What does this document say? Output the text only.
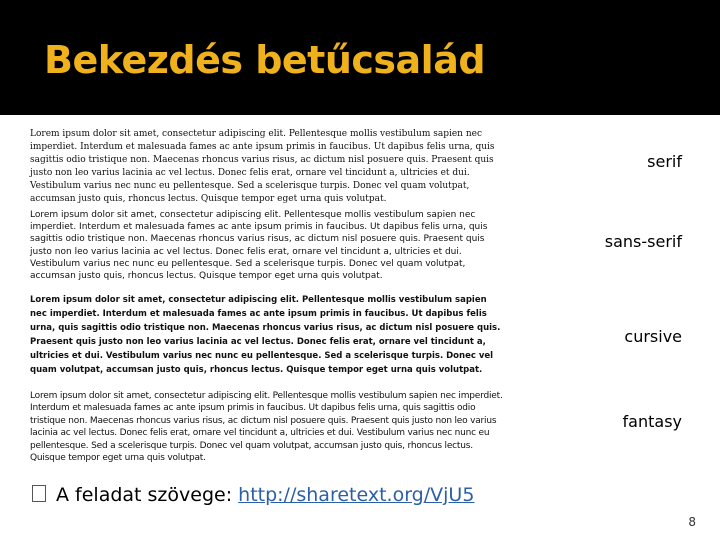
Bekezdés betűcsalád
Lorem ipsum dolor sit amet, consectetur adipiscing elit. Pellentesque mollis vestibulum sapien nec imperdiet. Interdum et malesuada fames ac ante ipsum primis in faucibus. Ut dapibus felis urna, quis sagittis odio tristique non. Maecenas rhoncus varius risus, ac dictum nisl posuere quis. Praesent quis justo non leo varius lacinia ac vel lectus. Donec felis erat, ornare vel tincidunt a, ultricies et dui. Vestibulum varius nec nunc eu pellentesque. Sed a scelerisque turpis. Donec vel quam volutpat, accumsan justo quis, rhoncus lectus. Quisque tempor eget urna quis volutpat.
serif
Lorem ipsum dolor sit amet, consectetur adipiscing elit. Pellentesque mollis vestibulum sapien nec imperdiet. Interdum et malesuada fames ac ante ipsum primis in faucibus. Ut dapibus felis urna, quis sagittis odio tristique non. Maecenas rhoncus varius risus, ac dictum nisl posuere quis. Praesent quis justo non leo varius lacinia ac vel lectus. Donec felis erat, ornare vel tincidunt a, ultricies et dui. Vestibulum varius nec nunc eu pellentesque. Sed a scelerisque turpis. Donec vel quam volutpat, accumsan justo quis, rhoncus lectus. Quisque tempor eget urna quis volutpat.
sans-serif
Lorem ipsum dolor sit amet, consectetur adipiscing elit. Pellentesque mollis vestibulum sapien nec imperdiet. Interdum et malesuada fames ac ante ipsum primis in faucibus. Ut dapibus felis urna, quis sagittis odio tristique non. Maecenas rhoncus varius risus, ac dictum nisl posuere quis. Praesent quis justo non leo varius lacinia ac vel lectus. Donec felis erat, ornare vel tincidunt a, ultricies et dui. Vestibulum varius nec nunc eu pellentesque. Sed a scelerisque turpis. Donec vel quam volutpat, accumsan justo quis, rhoncus lectus. Quisque tempor eget urna quis volutpat.
cursive
Lorem ipsum dolor sit amet, consectetur adipiscing elit. Pellentesque mollis vestibulum sapien nec imperdiet. Interdum et malesuada fames ac ante ipsum primis in faucibus. Ut dapibus felis urna, quis sagittis odio tristique non. Maecenas rhoncus varius risus, ac dictum nisl posuere quis. Praesent quis justo non leo varius lacinia ac vel lectus. Donec felis erat, ornare vel tincidunt a, ultricies et dui. Vestibulum varius nec nunc eu pellentesque. Sed a scelerisque turpis. Donec vel quam volutpat, accumsan justo quis, rhoncus lectus. Quisque tempor eget urna quis volutpat.
fantasy
A feladat szövege: http://sharetext.org/VjU5
8
